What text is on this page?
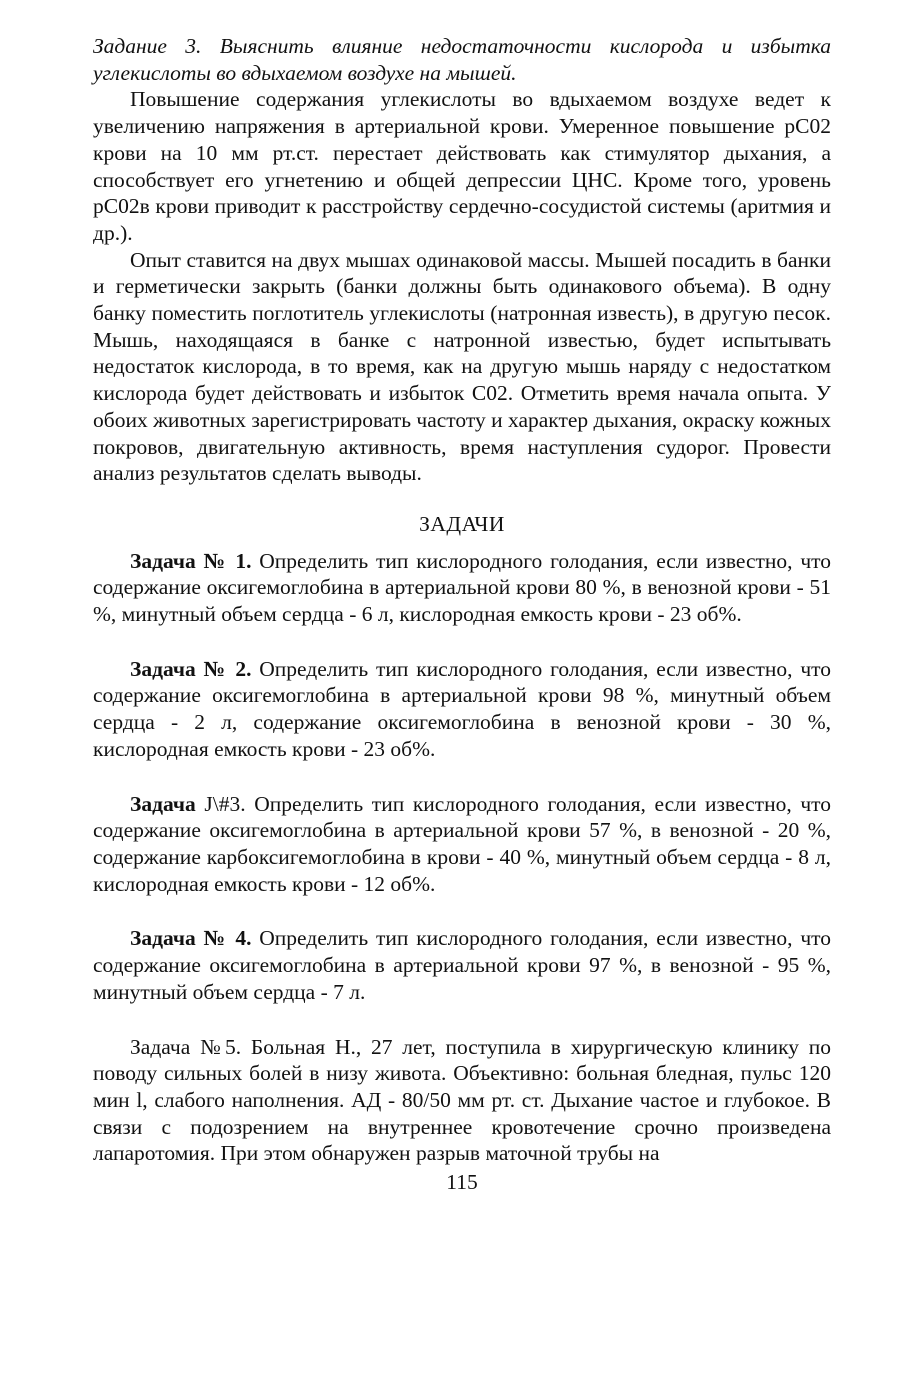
Задание 3. Выяснить влияние недостаточности кислорода и избытка углекислоты во вдыхаемом воздухе на мышей.

Повышение содержания углекислоты во вдыхаемом воздухе ведет к увеличению напряжения в артериальной крови. Умеренное повышение рС02 крови на 10 мм рт.ст. перестает действовать как стимулятор дыхания, а способствует его угнетению и общей депрессии ЦНС. Кроме того, уровень рС02в крови приводит к расстройству сердечно-сосудистой системы (аритмия и др.).

Опыт ставится на двух мышах одинаковой массы. Мышей посадить в банки и герметически закрыть (банки должны быть одинакового объема). В одну банку поместить поглотитель углекислоты (натронная известь), в другую песок. Мышь, находящаяся в банке с натронной известью, будет испытывать недостаток кислорода, в то время, как на другую мышь наряду с недостатком кислорода будет действовать и избыток С02. Отметить время начала опыта. У обоих животных зарегистрировать частоту и характер дыхания, окраску кожных покровов, двигательную активность, время наступления судорог. Провести анализ результатов сделать выводы.

ЗАДАЧИ

Задача № 1. Определить тип кислородного голодания, если известно, что содержание оксигемоглобина в артериальной крови 80 %, в венозной крови - 51 %, минутный объем сердца - 6 л, кислородная емкость крови - 23 об%.

Задача № 2. Определить тип кислородного голодания, если известно, что содержание оксигемоглобина в артериальной крови 98 %, минутный объем сердца - 2 л, содержание оксигемоглобина в венозной крови - 30 %, кислородная емкость крови - 23 об%.

Задача Ј\#3. Определить тип кислородного голодания, если известно, что содержание оксигемоглобина в артериальной крови 57 %, в венозной - 20 %, содержание карбоксигемоглобина в крови - 40 %, минутный объем сердца - 8 л, кислородная емкость крови - 12 об%.

Задача № 4. Определить тип кислородного голодания, если известно, что содержание оксигемоглобина в артериальной крови 97 %, в венозной - 95 %, минутный объем сердца - 7 л.

Задача №5. Больная Н., 27 лет, поступила в хирургическую клинику по поводу сильных болей в низу живота. Объективно: больная бледная, пульс 120 мин l, слабого наполнения. АД - 80/50 мм рт. ст. Дыхание частое и глубокое. В связи с подозрением на внутреннее кровотечение срочно произведена лапаротомия. При этом обнаружен разрыв маточной трубы на

115
